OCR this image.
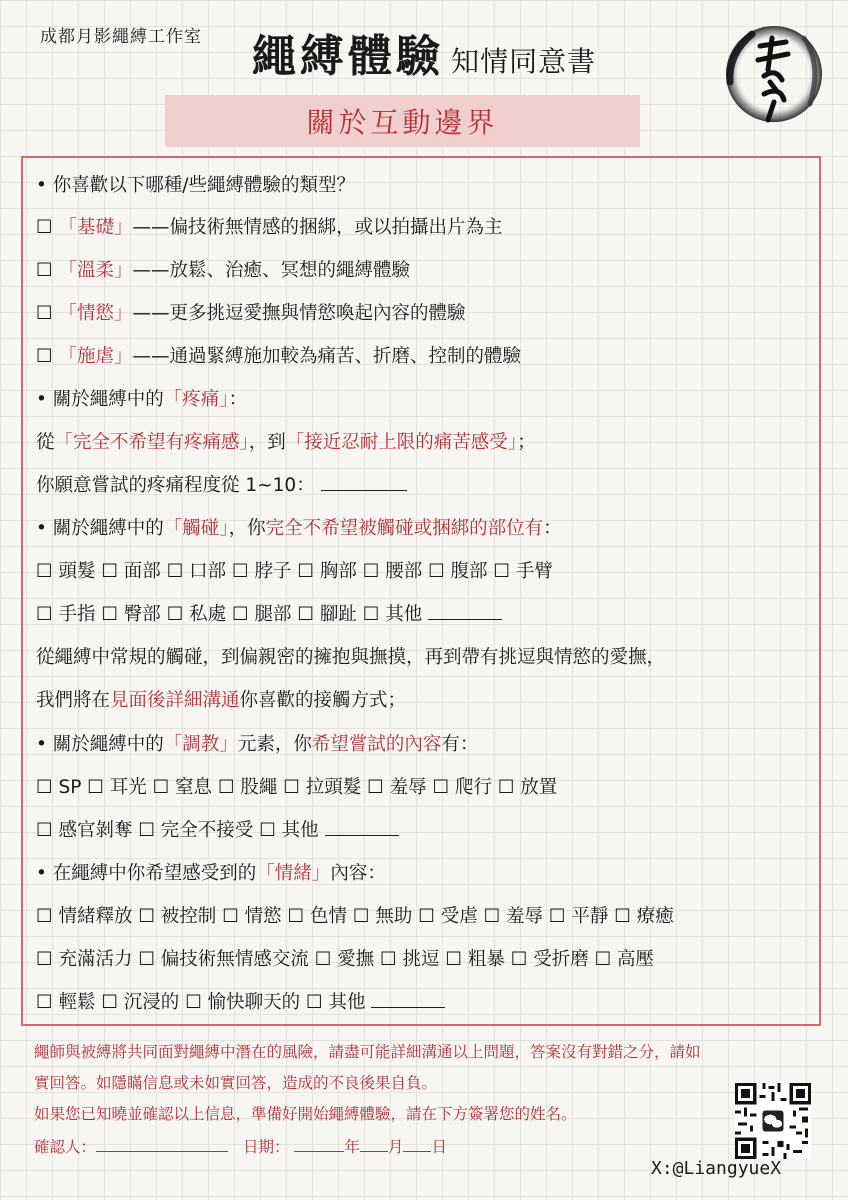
成都月影繩縛工作室 繩縛體驗 知情同意書
關於互動邊界
• 你喜歡以下哪種/些繩縛體驗的類型？
☐ 「基礎」——偏技術無情感的捆綁，或以拍攝出片為主
☐ 「溫柔」——放鬆、治癒、冥想的繩縛體驗
☐ 「情慾」——更多挑逗愛撫與情慾喚起內容的體驗
☐ 「施虐」——通過緊縛施加較為痛苦、折磨、控制的體驗
• 關於繩縛中的「疼痛」：
從「完全不希望有疼痛感」，到「接近忍耐上限的痛苦感受」；
你願意嘗試的疼痛程度從 1~10：
• 關於繩縛中的「觸碰」，你完全不希望被觸碰或捆綁的部位有：
☐ 頭髮 ☐ 面部 ☐ 口部 ☐ 脖子 ☐ 胸部 ☐ 腰部 ☐ 腹部 ☐ 手臂
☐ 手指 ☐ 臀部 ☐ 私處 ☐ 腿部 ☐ 腳趾 ☐ 其他
從繩縛中常規的觸碰，到偏親密的擁抱與撫摸，再到帶有挑逗與情慾的愛撫，
我們將在見面後詳細溝通你喜歡的接觸方式；
• 關於繩縛中的「調教」元素，你希望嘗試的內容有：
☐ SP ☐ 耳光 ☐ 窒息 ☐ 股繩 ☐ 拉頭髮 ☐ 羞辱 ☐ 爬行 ☐ 放置
☐ 感官剝奪 ☐ 完全不接受 ☐ 其他
• 在繩縛中你希望感受到的「情緒」內容：
☐ 情緒釋放 ☐ 被控制 ☐ 情慾 ☐ 色情 ☐ 無助 ☐ 受虐 ☐ 羞辱 ☐ 平靜 ☐ 療癒
☐ 充滿活力 ☐ 偏技術無情感交流 ☐ 愛撫 ☐ 挑逗 ☐ 粗暴 ☐ 受折磨 ☐ 高壓
☐ 輕鬆 ☐ 沉浸的 ☐ 愉快聊天的 ☐ 其他
繩師與被縛將共同面對繩縛中潛在的風險，請盡可能詳細溝通以上問題，答案沒有對錯之分，請如
實回答。如隱瞞信息或未如實回答，造成的不良後果自負。
如果您已知曉並確認以上信息，準備好開始繩縛體驗，請在下方簽署您的姓名。
確認人：	日期：	年 月 日
X:@LiangyueX
